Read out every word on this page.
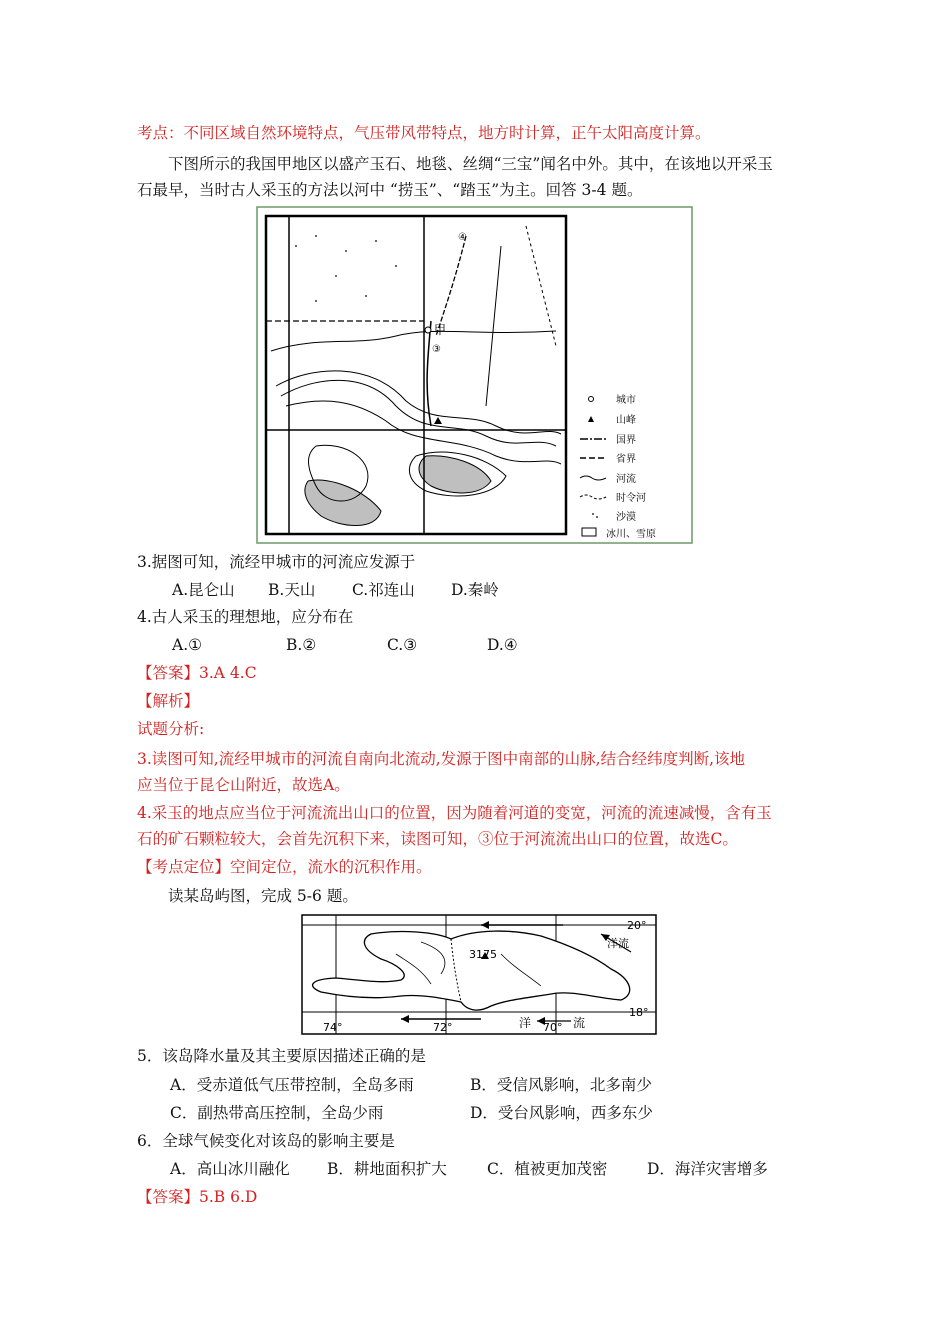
考点：不同区域自然环境特点，气压带风带特点，地方时计算，正午太阳高度计算。
下图所示的我国甲地区以盛产玉石、地毯、丝绸“三宝”闻名中外。其中，在该地以开采玉
石最早，当时古人采玉的方法以河中 “捞玉”、“踏玉”为主。回答 3-4 题。
甲
④
③
城市
山峰
国界
省界
河流
时令河
沙漠
冰川、雪原
3.据图可知，流经甲城市的河流应发源于
A.昆仑山 B.天山 C.祁连山 D.秦岭
4.古人采玉的理想地，应分布在
A.①	B.②	C.③	D.④
【答案】3.A 4.C
【解析】
试题分析:
3.读图可知,流经甲城市的河流自南向北流动,发源于图中南部的山脉,结合经纬度判断,该地
应当位于昆仑山附近，故选A。
4.采玉的地点应当位于河流流出山口的位置，因为随着河道的变宽，河流的流速减慢，含有玉
石的矿石颗粒较大，会首先沉积下来，读图可知，③位于河流流出山口的位置，故选C。
【考点定位】空间定位，流水的沉积作用。
读某岛屿图，完成 5-6 题。
3175
洋流
洋	流
20°
18°
74°	72°	70°
5．该岛降水量及其主要原因描述正确的是
A．受赤道低气压带控制，全岛多雨	B．受信风影响，北多南少
C．副热带高压控制，全岛少雨	D．受台风影响，西多东少
6．全球气候变化对该岛的影响主要是
A．高山冰川融化 B．耕地面积扩大	C．植被更加茂密	D．海洋灾害增多
【答案】5.B 6.D
